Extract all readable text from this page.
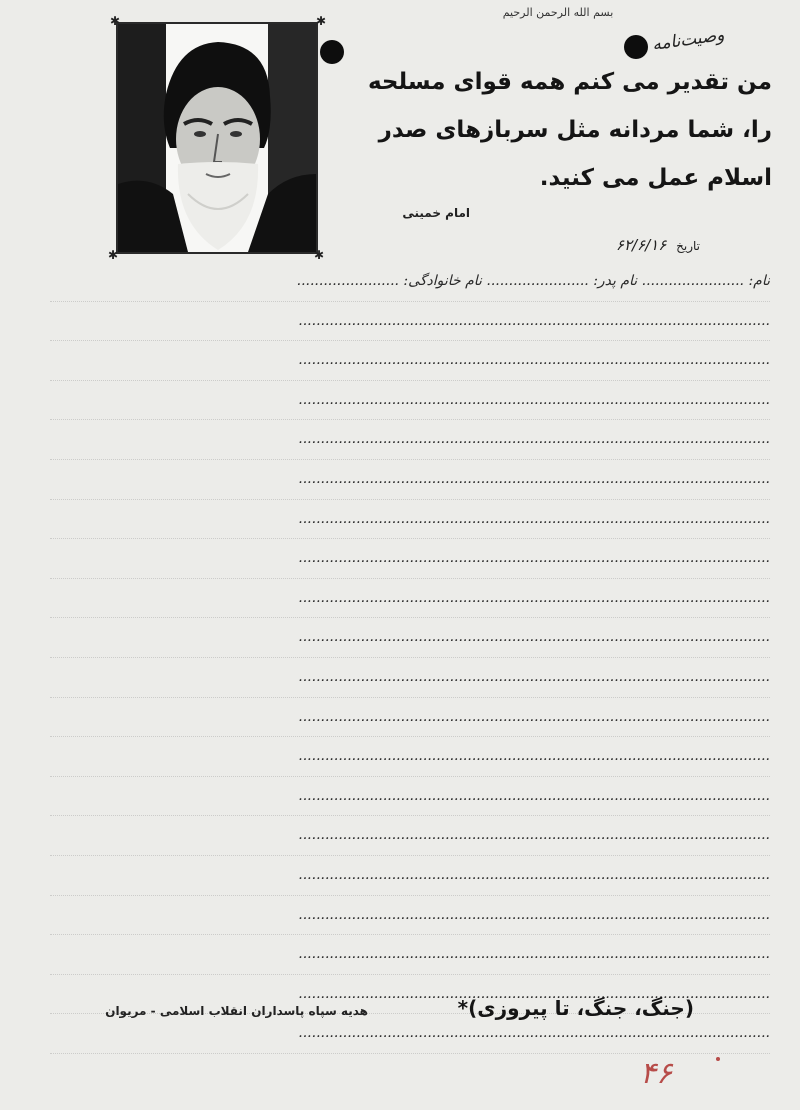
بسم الله الرحمن الرحیم
وصیت‌نامه
✱	✱
✱	✱
من تقدیر می کنم همه قوای مسلحه
را، شما مردانه مثل سربازهای صدر
اسلام عمل می کنید.
امام خمینی
تاریخ ۶۲/۶/۱۶
نام: ....................... نام پدر: ....................... نام خانوادگی: .......................
..........................................................................................................
..........................................................................................................
..........................................................................................................
..........................................................................................................
..........................................................................................................
..........................................................................................................
..........................................................................................................
..........................................................................................................
..........................................................................................................
..........................................................................................................
..........................................................................................................
..........................................................................................................
..........................................................................................................
..........................................................................................................
..........................................................................................................
..........................................................................................................
..........................................................................................................
..........................................................................................................
..........................................................................................................
(جنگ، جنگ، تا پیروزی)*
هدیه سپاه پاسداران انقلاب اسلامی - مریوان
۴۶
